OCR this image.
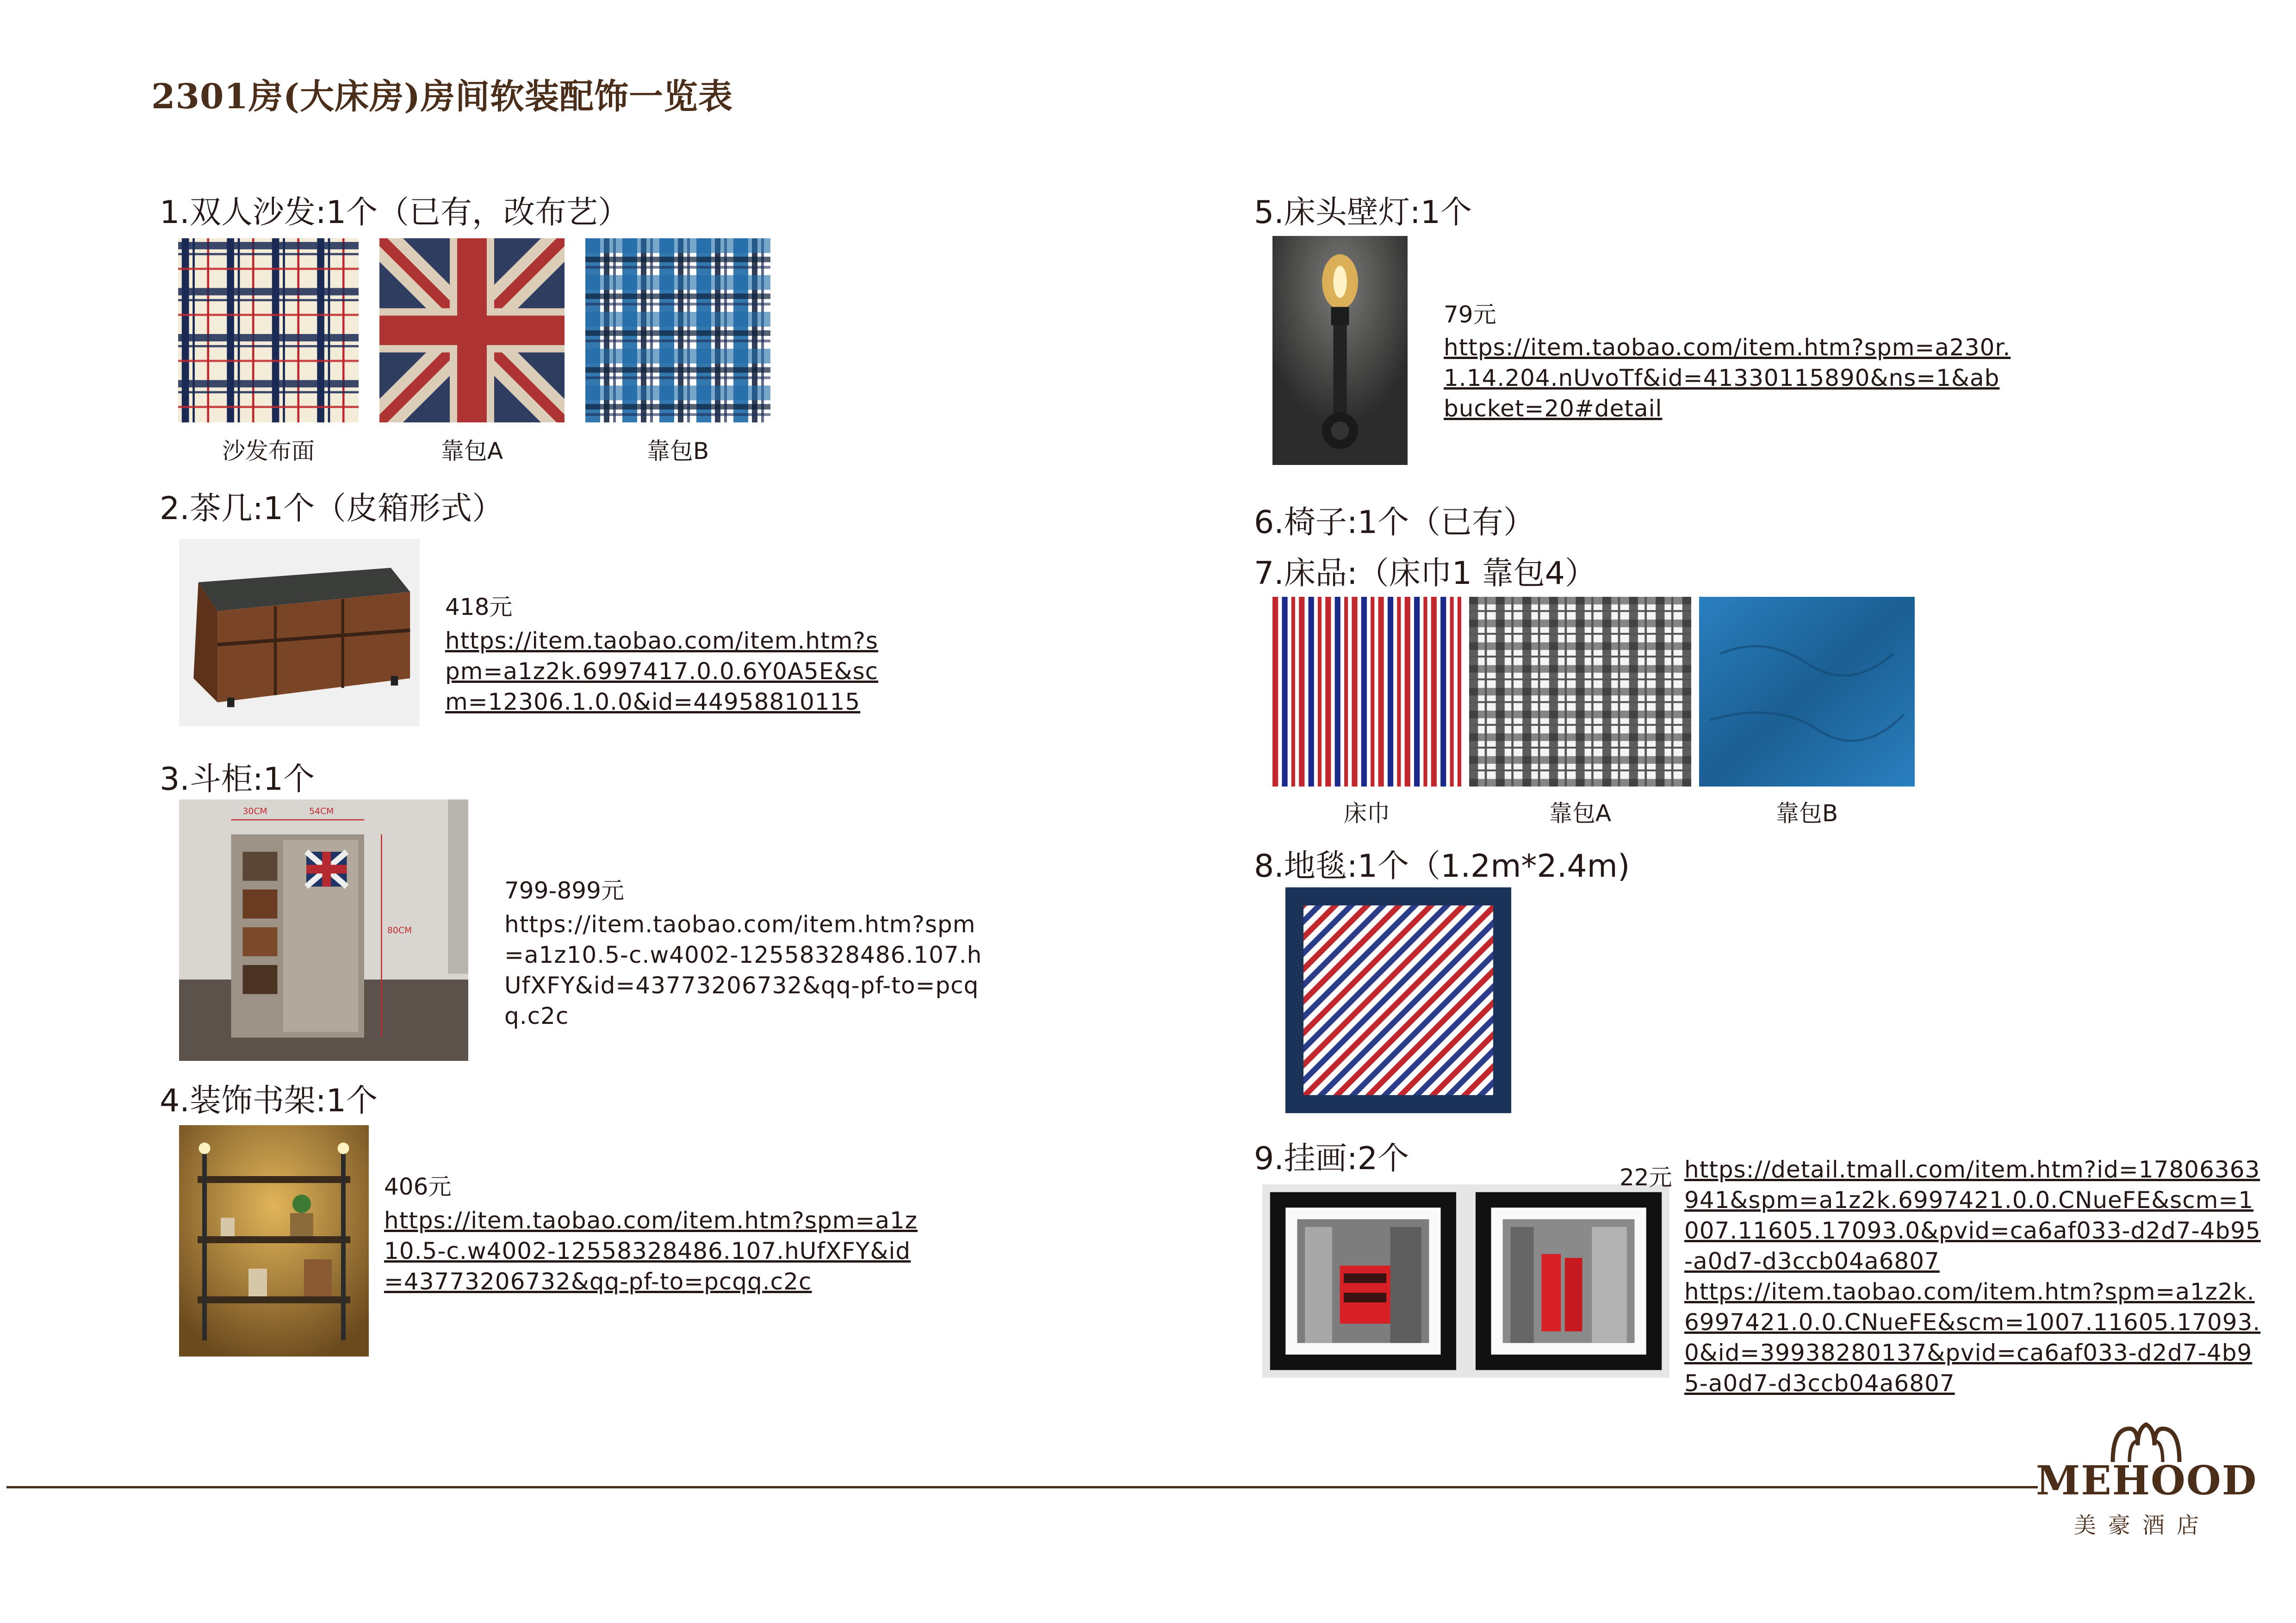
2301房(大床房)房间软装配饰一览表
1.双人沙发:1个（已有，改布艺）
沙发布面	靠包A	靠包B
2.茶几:1个（皮箱形式）
418元
https://item.taobao.com/item.htm?spm=a1z2k.6997417.0.0.6Y0A5E&scm=12306.1.0.0&id=44958810115
3.斗柜:1个
30CM	54CM
80CM
799-899元
https://item.taobao.com/item.htm?spm=a1z10.5-c.w4002-12558328486.107.hUfXFY&id=43773206732&qq-pf-to=pcqq.c2c
4.装饰书架:1个
406元
https://item.taobao.com/item.htm?spm=a1z10.5-c.w4002-12558328486.107.hUfXFY&id=43773206732&qq-pf-to=pcqq.c2c
5.床头壁灯:1个
79元
https://item.taobao.com/item.htm?spm=a230r.1.14.204.nUvoTf&id=41330115890&ns=1&abbucket=20#detail
6.椅子:1个（已有）
7.床品:（床巾1 靠包4）
床巾	靠包A	靠包B
8.地毯:1个（1.2m*2.4m)
9.挂画:2个
22元 https://detail.tmall.com/item.htm?id=17806363941&spm=a1z2k.6997421.0.0.CNueFE&scm=1007.11605.17093.0&pvid=ca6af033-d2d7-4b95-a0d7-d3ccb04a6807
https://item.taobao.com/item.htm?spm=a1z2k.6997421.0.0.CNueFE&scm=1007.11605.17093.0&id=39938280137&pvid=ca6af033-d2d7-4b95-a0d7-d3ccb04a6807
MEHOOD
美豪酒店
